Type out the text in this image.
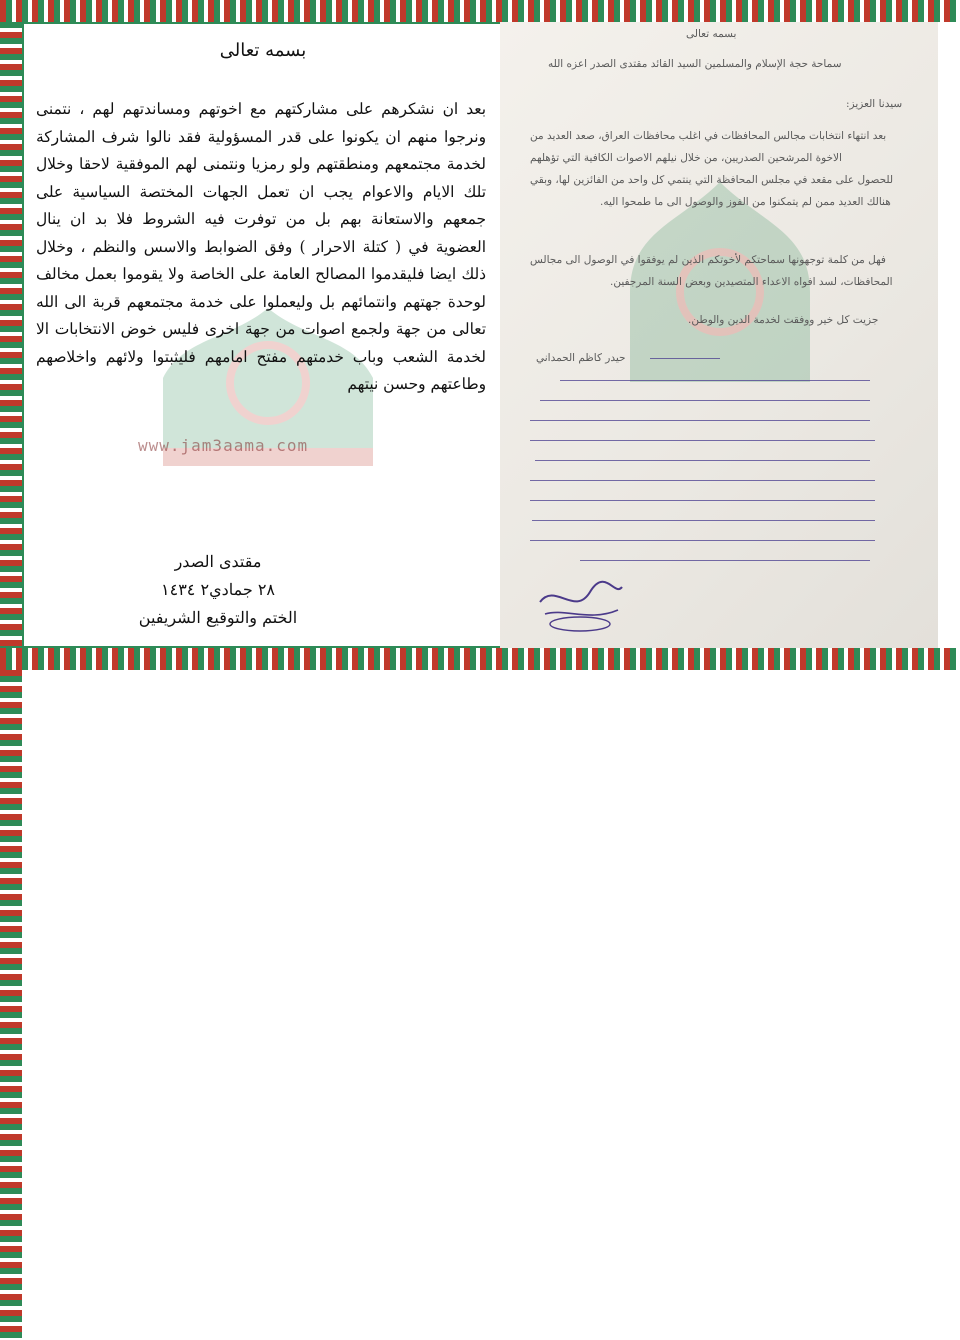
www.jam3aama.com
بسمه تعالى

بعد ان نشكرهم على مشاركتهم مع اخوتهم ومساندتهم لهم ، نتمنى ونرجوا منهم ان يكونوا على قدر المسؤولية فقد نالوا شرف المشاركة لخدمة مجتمعهم ومنطقتهم ولو رمزيا ونتمنى لهم الموفقية لاحقا وخلال تلك الايام والاعوام يجب ان تعمل الجهات المختصة السياسية على جمعهم والاستعانة بهم بل من توفرت فيه الشروط فلا بد ان ينال العضوية في ( كتلة الاحرار ) وفق الضوابط والاسس والنظم ، وخلال ذلك ايضا فليقدموا المصالح العامة على الخاصة ولا يقوموا بعمل مخالف لوحدة جهتهم وانتمائهم بل وليعملوا على خدمة مجتمعهم قربة الى الله تعالى من جهة ولجمع اصوات من جهة اخرى فليس خوض الانتخابات الا لخدمة الشعب وباب خدمتهم مفتح امامهم فليثبتوا ولائهم واخلاصهم وطاعتهم وحسن نيتهم

مقتدى الصدر
٢٨ جمادي٢ ١٤٣٤
الختم والتوقيع الشريفين
بسمه تعالى
سماحة حجة الإسلام والمسلمين السيد القائد مقتدى الصدر اعزه الله
سيدنا العزيز:
بعد انتهاء انتخابات مجالس المحافظات في اغلب محافظات العراق، صعد العديد من
الاخوة المرشحين الصدريين، من خلال نيلهم الاصوات الكافية التي تؤهلهم
للحصول على مقعد في مجلس المحافظة التي ينتمي كل واحد من الفائزين لها، وبقي
هنالك العديد ممن لم يتمكنوا من الفوز والوصول الى ما طمحوا اليه.
فهل من كلمة توجهونها سماحتكم لأخوتكم الذين لم يوفقوا في الوصول الى مجالس
المحافظات، لسد افواه الاعداء المتصيدين وبعض السنة المرجفين.
جزيت كل خير ووفقت لخدمة الدين والوطن.
حيدر كاظم الحمداني
